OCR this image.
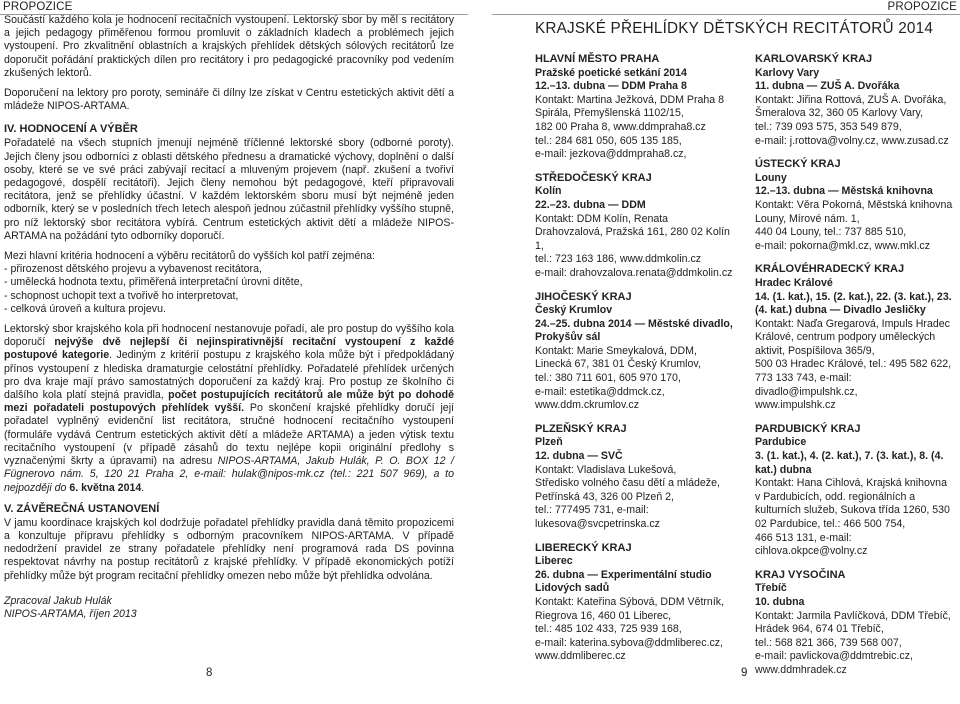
PROPOZICE	PROPOZICE

Součástí každého kola je hodnocení recitačních vystoupení. Lektorský sbor by měl s recitátory a jejich pedagogy přiměřenou formou promluvit o základních kladech a problémech jejich vystoupení. Pro zkvalitnění oblastních a krajských přehlídek dětských sólových recitátorů lze doporučit pořádání praktických dílen pro recitátory i pro pedagogické pracovníky pod vedením zkušených lektorů.

Doporučení na lektory pro poroty, semináře či dílny lze získat v Centru estetických aktivit dětí a mládeže NIPOS-ARTAMA.

IV. HODNOCENÍ A VÝBĚR

Pořadatelé na všech stupních jmenují nejméně tříčlenné lektorské sbory (odborné poroty). Jejich členy jsou odborníci z oblasti dětského přednesu a dramatické výchovy, doplnění o další osoby, které se ve své práci zabývají recitací a mluveným projevem (např. zkušení a tvořiví pedagogové, dospělí recitátoři). Jejich členy nemohou být pedagogové, kteří připravovali recitátora, jenž se přehlídky účastní. V každém lektorském sboru musí být nejméně jeden odborník, který se v posledních třech letech alespoň jednou zúčastnil přehlídky vyššího stupně, pro níž lektorský sbor recitátora vybírá. Centrum estetických aktivit dětí a mládeže NIPOS-ARTAMA na požádání tyto odborníky doporučí.

Mezi hlavní kritéria hodnocení a výběru recitátorů do vyšších kol patří zejména:

- přirozenost dětského projevu a vybavenost recitátora,

- umělecká hodnota textu, přiměřená interpretační úrovni dítěte,

- schopnost uchopit text a tvořivě ho interpretovat,

- celková úroveň a kultura projevu.

Lektorský sbor krajského kola při hodnocení nestanovuje pořadí, ale pro postup do vyššího kola doporučí nejvýše dvě nejlepší či nejinspirativnější recitační vystoupení z každé postupové kategorie. Jediným z kritérií postupu z krajského kola může být i předpokládaný přínos vystoupení z hlediska dramaturgie celostátní přehlídky. Pořadatelé přehlídek určených pro dva kraje mají právo samostatných doporučení za každý kraj. Pro postup ze školního či dalšího kola platí stejná pravidla, počet postupujících recitátorů ale může být po dohodě mezi pořadateli postupových přehlídek vyšší. Po skončení krajské přehlídky doručí její pořadatel vyplněný evidenční list recitátora, stručné hodnocení recitačního vystoupení (formuláře vydává Centrum estetických aktivit dětí a mládeže ARTAMA) a jeden výtisk textu recitačního vystoupení (v případě zásahů do textu nejlépe kopii originální předlohy s vyznačenými škrty a úpravami) na adresu NIPOS-ARTAMA, Jakub Hulák, P. O. BOX 12 / Fügnerovo nám. 5, 120 21 Praha 2, e-mail: hulak@nipos-mk.cz (tel.: 221 507 969), a to nejpozději do 6. května 2014.

V. ZÁVĚREČNÁ USTANOVENÍ

V jamu koordinace krajských kol dodržuje pořadatel přehlídky pravidla daná těmito propozicemi a konzultuje přípravu přehlídky s odborným pracovníkem NIPOS-ARTAMA. V případě nedodržení pravidel ze strany pořadatele přehlídky není programová rada DS povinna respektovat návrhy na postup recitátorů z krajské přehlídky. V případě ekonomických potíží přehlídky může být program recitační přehlídky omezen nebo může být přehlídka odvolána.

Zpracoval Jakub Hulák

NIPOS-ARTAMA, říjen 2013

KRAJSKÉ PŘEHLÍDKY DĚTSKÝCH RECITÁTORŮ 2014
HLAVNÍ MĚSTO PRAHA

Pražské poetické setkání 2014

12.–13. dubna — DDM Praha 8

Kontakt: Martina Ježková, DDM Praha 8

Spirála, Přemyšlenská 1102/15,

182 00 Praha 8, www.ddmpraha8.cz

tel.: 284 681 050, 605 135 185,

e-mail: jezkova@ddmpraha8.cz,

STŘEDOČESKÝ KRAJ

Kolín

22.–23. dubna — DDM

Kontakt: DDM Kolín, Renata Drahovzalová, Pražská 161, 280 02 Kolín 1,

tel.: 723 163 186, www.ddmkolin.cz

e-mail: drahovzalova.renata@ddmkolin.cz

JIHOČESKÝ KRAJ

Český Krumlov

24.–25. dubna 2014 — Městské divadlo, Prokyšův sál

Kontakt: Marie Smeykalová, DDM, Linecká 67, 381 01 Český Krumlov,

tel.: 380 711 601, 605 970 170,

e-mail: estetika@ddmck.cz,

www.ddm.ckrumlov.cz

PLZEŇSKÝ KRAJ

Plzeň

12. dubna — SVČ

Kontakt: Vladislava Lukešová,

Středisko volného času dětí a mládeže, Petřínská 43, 326 00 Plzeň 2,

tel.: 777495 731, e-mail: lukesova@svcpetrinska.cz

LIBERECKÝ KRAJ

Liberec

26. dubna — Experimentální studio Lidových sadů

Kontakt: Kateřina Sýbová, DDM Větrník, Riegrova 16, 460 01 Liberec,

tel.: 485 102 433, 725 939 168,

e-mail: katerina.sybova@ddmliberec.cz,

www.ddmliberec.cz

KARLOVARSKÝ KRAJ

Karlovy Vary

11. dubna — ZUŠ A. Dvořáka

Kontakt: Jiřina Rottová, ZUŠ A. Dvořáka, Šmeralova 32, 360 05 Karlovy Vary,

tel.: 739 093 575, 353 549 879,

e-mail: j.rottova@volny.cz, www.zusad.cz

ÚSTECKÝ KRAJ

Louny

12.–13. dubna — Městská knihovna

Kontakt: Věra Pokorná, Městská knihovna Louny, Mírové nám. 1,

440 04 Louny, tel.: 737 885 510,

e-mail: pokorna@mkl.cz, www.mkl.cz

KRÁLOVÉHRADECKÝ KRAJ

Hradec Králové

14. (1. kat.), 15. (2. kat.), 22. (3. kat.), 23. (4. kat.) dubna — Divadlo Jesličky

Kontakt: Naďa Gregarová, Impuls Hradec Králové, centrum podpory uměleckých aktivit, Pospíšilova 365/9,

500 03 Hradec Králové, tel.: 495 582 622, 773 133 743, e-mail: divadlo@impulshk.cz,

www.impulshk.cz

PARDUBICKÝ KRAJ

Pardubice

3. (1. kat.), 4. (2. kat.), 7. (3. kat.), 8. (4. kat.) dubna

Kontakt: Hana Cihlová, Krajská knihovna v Pardubicích, odd. regionálních a kulturních služeb, Sukova třída 1260, 530 02 Pardubice, tel.: 466 500 754,

466 513 131, e-mail: cihlova.okpce@volny.cz

KRAJ VYSOČINA

Třebíč

10. dubna

Kontakt: Jarmila Pavlíčková, DDM Třebíč, Hrádek 964, 674 01 Třebíč,

tel.: 568 821 366, 739 568 007,

e-mail: pavlickova@ddmtrebic.cz,

www.ddmhradek.cz

8	9
